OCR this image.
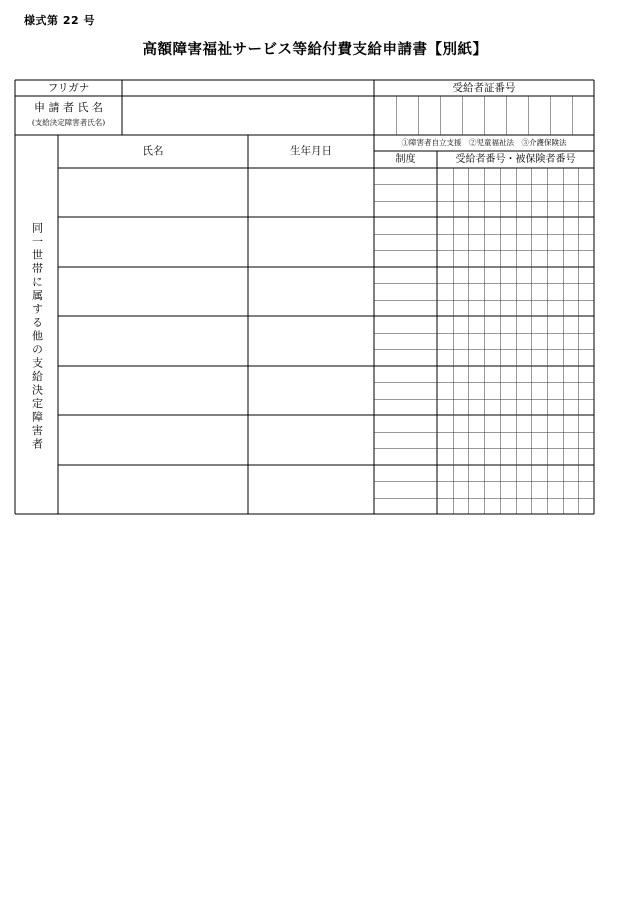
様式第 22 号
高額障害福祉サービス等給付費支給申請書【別紙】
フリガナ
申 請 者 氏 名
(支給決定障害者氏名)
受給者証番号
同一世帯に属する他の支給決定障害者
氏名	生年月日
①障害者自立支援　②児童福祉法　③介護保険法
制度	受給者番号・被保険者番号
